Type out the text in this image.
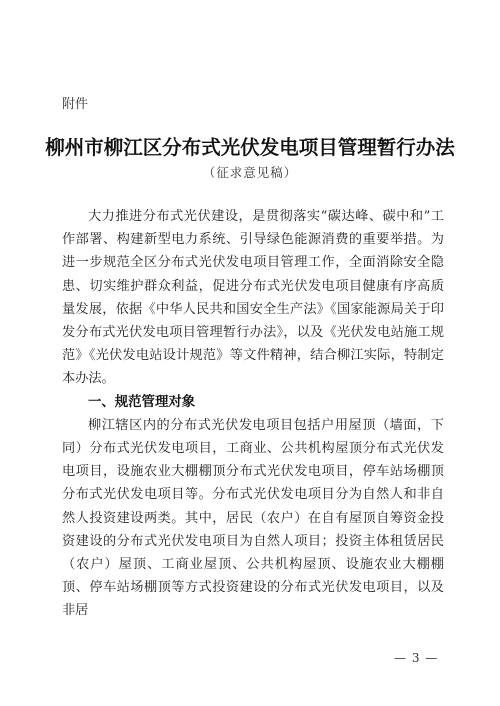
附件
柳州市柳江区分布式光伏发电项目管理暂行办法
（征求意见稿）

大力推进分布式光伏建设，是贯彻落实“碳达峰、碳中和”工作部署、构建新型电力系统、引导绿色能源消费的重要举措。为进一步规范全区分布式光伏发电项目管理工作，全面消除安全隐患、切实维护群众利益，促进分布式光伏发电项目健康有序高质量发展，依据《中华人民共和国安全生产法》《国家能源局关于印发分布式光伏发电项目管理暂行办法》，以及《光伏发电站施工规范》《光伏发电站设计规范》等文件精神，结合柳江实际，特制定本办法。

一、规范管理对象

柳江辖区内的分布式光伏发电项目包括户用屋顶（墙面，下同）分布式光伏发电项目，工商业、公共机构屋顶分布式光伏发电项目，设施农业大棚棚顶分布式光伏发电项目，停车站场棚顶分布式光伏发电项目等。分布式光伏发电项目分为自然人和非自然人投资建设两类。其中，居民（农户）在自有屋顶自筹资金投资建设的分布式光伏发电项目为自然人项目；投资主体租赁居民（农户）屋顶、工商业屋顶、公共机构屋顶、设施农业大棚棚顶、停车站场棚顶等方式投资建设的分布式光伏发电项目，以及非居

— 3 —
